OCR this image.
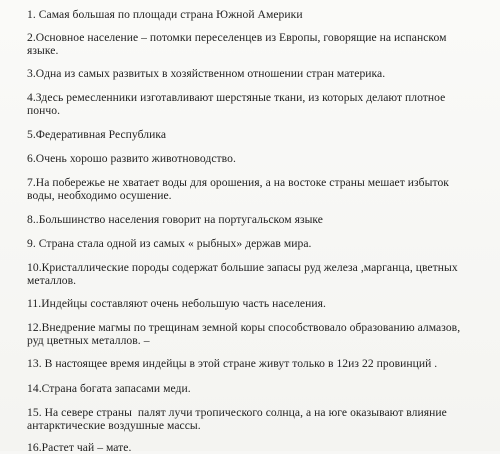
1. Самая большая по площади страна Южной Америки
2.Основное население – потомки переселенцев из Европы, говорящие на испанском
языке.
3.Одна из самых развитых в хозяйственном отношении стран материка.
4.Здесь ремесленники изготавливают шерстяные ткани, из которых делают плотное
пончо.
5.Федеративная Республика
6.Очень хорошо развито животноводство.
7.На побережье не хватает воды для орошения, а на востоке страны мешает избыток
воды, необходимо осушение.
8..Большинство населения говорит на португальском языке
9. Страна стала одной из самых « рыбных» держав мира.
10.Кристаллические породы содержат большие запасы руд железа ,марганца, цветных
металлов.
11.Индейцы составляют очень небольшую часть населения.
12.Внедрение магмы по трещинам земной коры способствовало образованию алмазов,
руд цветных металлов. –
13. В настоящее время индейцы в этой стране живут только в 12из 22 провинций .
14.Страна богата запасами меди.
15. На севере страны  палят лучи тропического солнца, а на юге оказывают влияние
антарктические воздушные массы.
16.Растет чай – мате.
